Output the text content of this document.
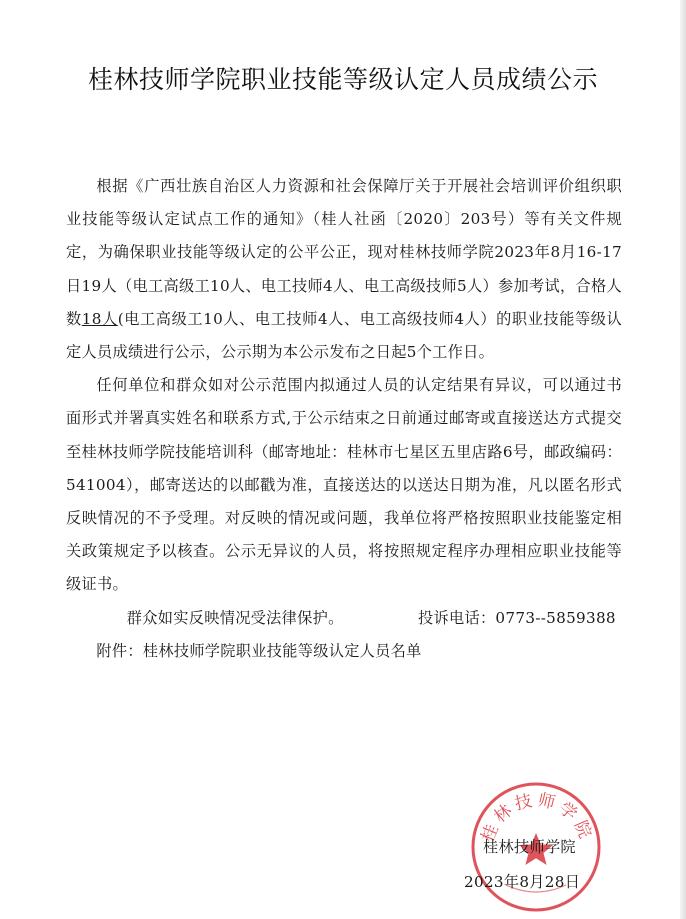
桂林技师学院职业技能等级认定人员成绩公示

根据《广西壮族自治区人力资源和社会保障厅关于开展社会培训评价组织职业技能等级认定试点工作的通知》（桂人社函〔2020〕203号）等有关文件规定，为确保职业技能等级认定的公平公正，现对桂林技师学院2023年8月16-17日19人（电工高级工10人、电工技师4人、电工高级技师5人）参加考试，合格人数18人(电工高级工10人、电工技师4人、电工高级技师4人）的职业技能等级认定人员成绩进行公示，公示期为本公示发布之日起5个工作日。

任何单位和群众如对公示范围内拟通过人员的认定结果有异议，可以通过书面形式并署真实姓名和联系方式,于公示结束之日前通过邮寄或直接送达方式提交至桂林技师学院技能培训科（邮寄地址：桂林市七星区五里店路6号，邮政编码：541004），邮寄送达的以邮戳为准，直接送达的以送达日期为准，凡以匿名形式反映情况的不予受理。对反映的情况或问题，我单位将严格按照职业技能鉴定相关政策规定予以核查。公示无异议的人员，将按照规定程序办理相应职业技能等级证书。

群众如实反映情况受法律保护。	投诉电话：0773--5859388

附件：桂林技师学院职业技能等级认定人员名单

桂林技师学院
桂林技师学院
2023年8月28日
